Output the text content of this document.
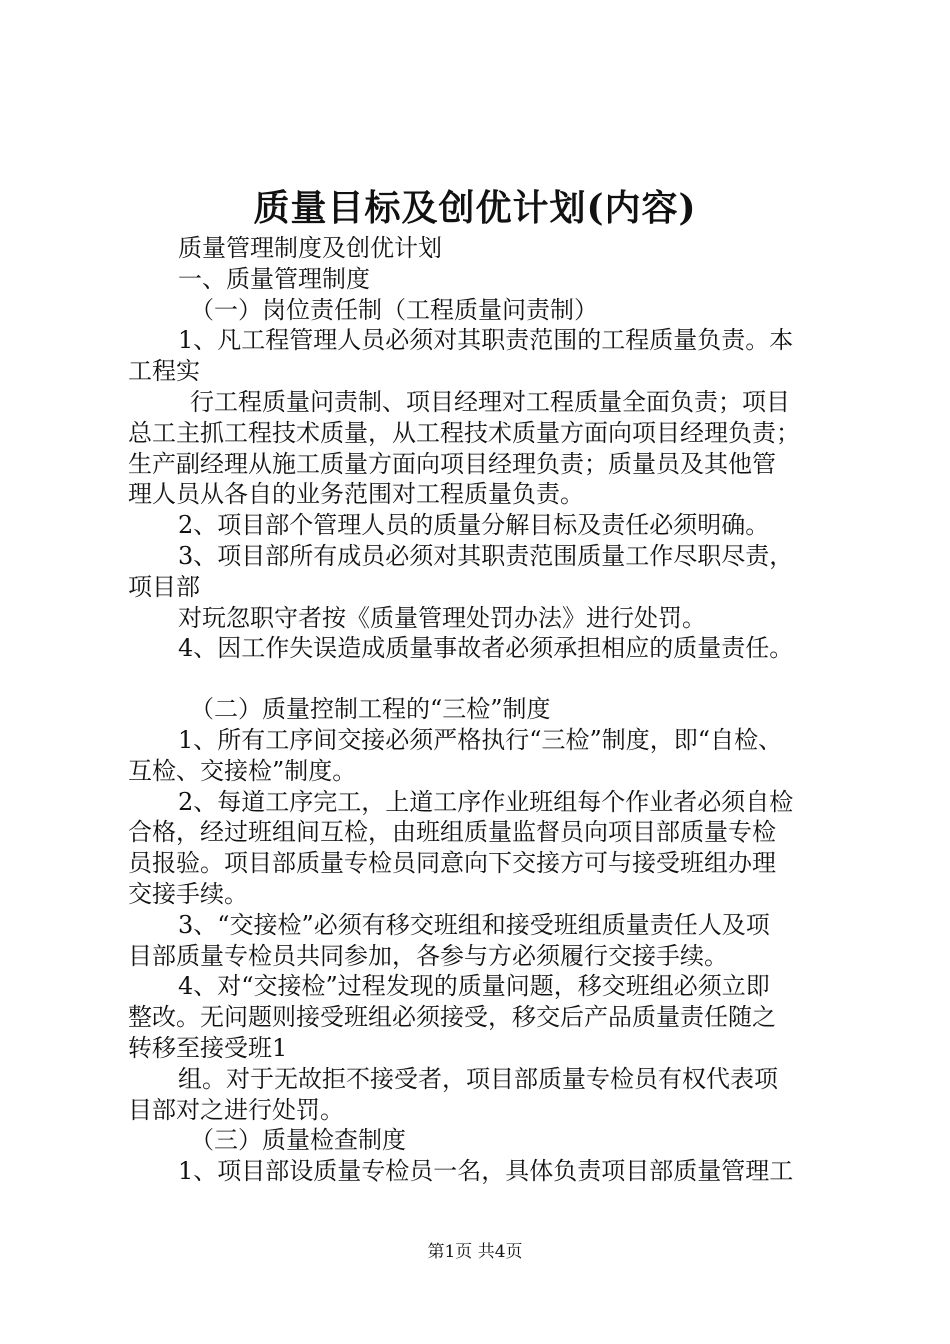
质量目标及创优计划(内容)

质量管理制度及创优计划

一、质量管理制度

（一）岗位责任制（工程质量问责制）

1、凡工程管理人员必须对其职责范围的工程质量负责。本

工程实

行工程质量问责制、项目经理对工程质量全面负责；项目

总工主抓工程技术质量，从工程技术质量方面向项目经理负责；

生产副经理从施工质量方面向项目经理负责；质量员及其他管

理人员从各自的业务范围对工程质量负责。

2、项目部个管理人员的质量分解目标及责任必须明确。

3、项目部所有成员必须对其职责范围质量工作尽职尽责，

项目部

对玩忽职守者按《质量管理处罚办法》进行处罚。

4、因工作失误造成质量事故者必须承担相应的质量责任。

（二）质量控制工程的“三检”制度

1、所有工序间交接必须严格执行“三检”制度，即“自检、

互检、交接检”制度。

2、每道工序完工，上道工序作业班组每个作业者必须自检

合格，经过班组间互检，由班组质量监督员向项目部质量专检

员报验。项目部质量专检员同意向下交接方可与接受班组办理

交接手续。

3、“交接检”必须有移交班组和接受班组质量责任人及项

目部质量专检员共同参加，各参与方必须履行交接手续。

4、对“交接检”过程发现的质量问题，移交班组必须立即

整改。无问题则接受班组必须接受，移交后产品质量责任随之

转移至接受班1

组。对于无故拒不接受者，项目部质量专检员有权代表项

目部对之进行处罚。

（三）质量检查制度

1、项目部设质量专检员一名，具体负责项目部质量管理工

第1页 共4页
